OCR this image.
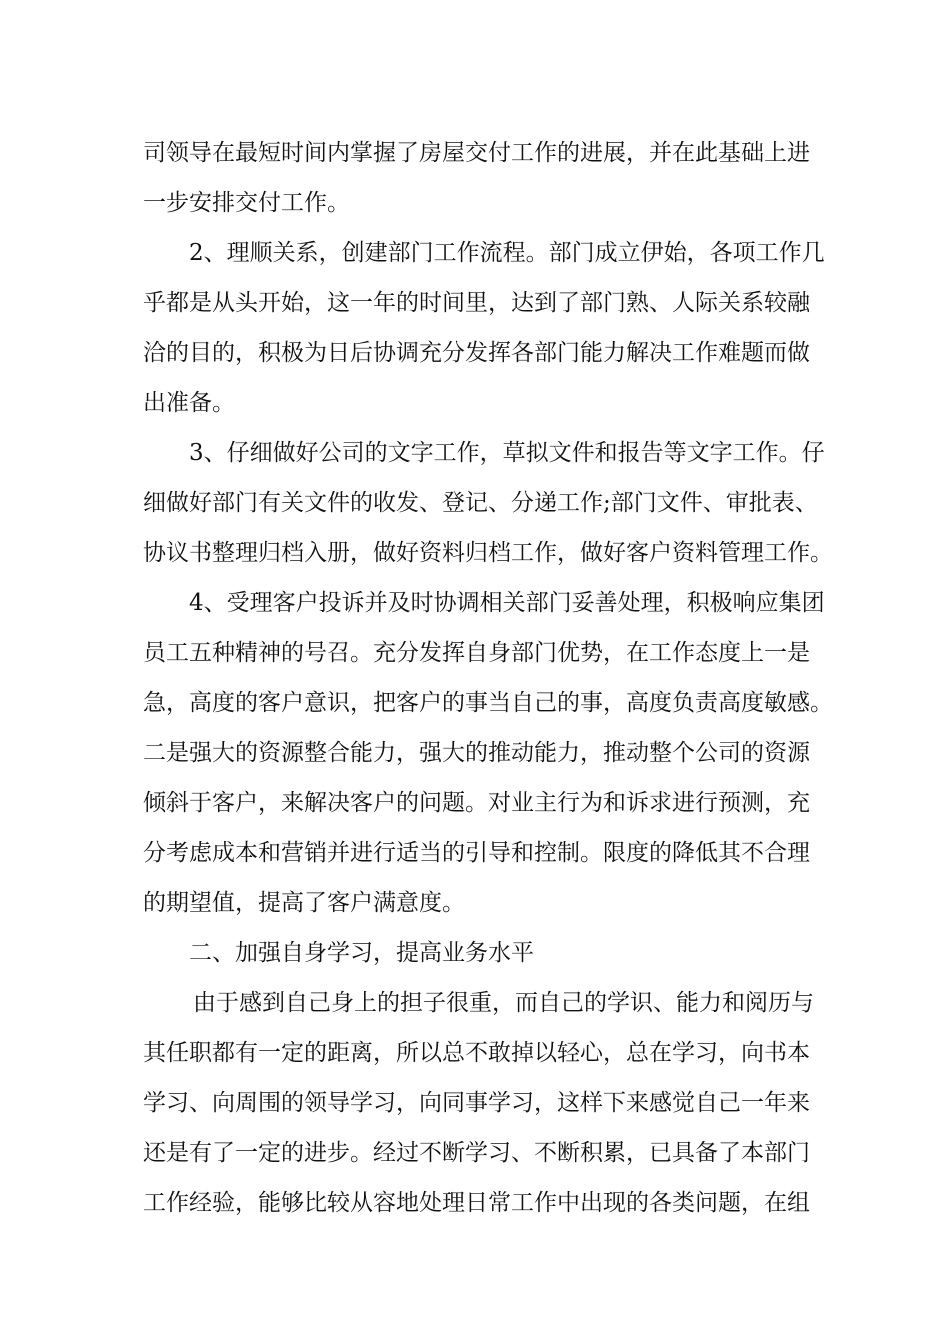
司领导在最短时间内掌握了房屋交付工作的进展，并在此基础上进
一步安排交付工作。
2、理顺关系，创建部门工作流程。部门成立伊始，各项工作几
乎都是从头开始，这一年的时间里，达到了部门熟、人际关系较融
洽的目的，积极为日后协调充分发挥各部门能力解决工作难题而做
出准备。
3、仔细做好公司的文字工作，草拟文件和报告等文字工作。仔
细做好部门有关文件的收发、登记、分递工作;部门文件、审批表、
协议书整理归档入册，做好资料归档工作，做好客户资料管理工作。
4、受理客户投诉并及时协调相关部门妥善处理，积极响应集团
员工五种精神的号召。充分发挥自身部门优势，在工作态度上一是
急，高度的客户意识，把客户的事当自己的事，高度负责高度敏感。
二是强大的资源整合能力，强大的推动能力，推动整个公司的资源
倾斜于客户，来解决客户的问题。对业主行为和诉求进行预测，充
分考虑成本和营销并进行适当的引导和控制。限度的降低其不合理
的期望值，提高了客户满意度。
二、加强自身学习，提高业务水平
由于感到自己身上的担子很重，而自己的学识、能力和阅历与
其任职都有一定的距离，所以总不敢掉以轻心，总在学习，向书本
学习、向周围的领导学习，向同事学习，这样下来感觉自己一年来
还是有了一定的进步。经过不断学习、不断积累，已具备了本部门
工作经验，能够比较从容地处理日常工作中出现的各类问题，在组
